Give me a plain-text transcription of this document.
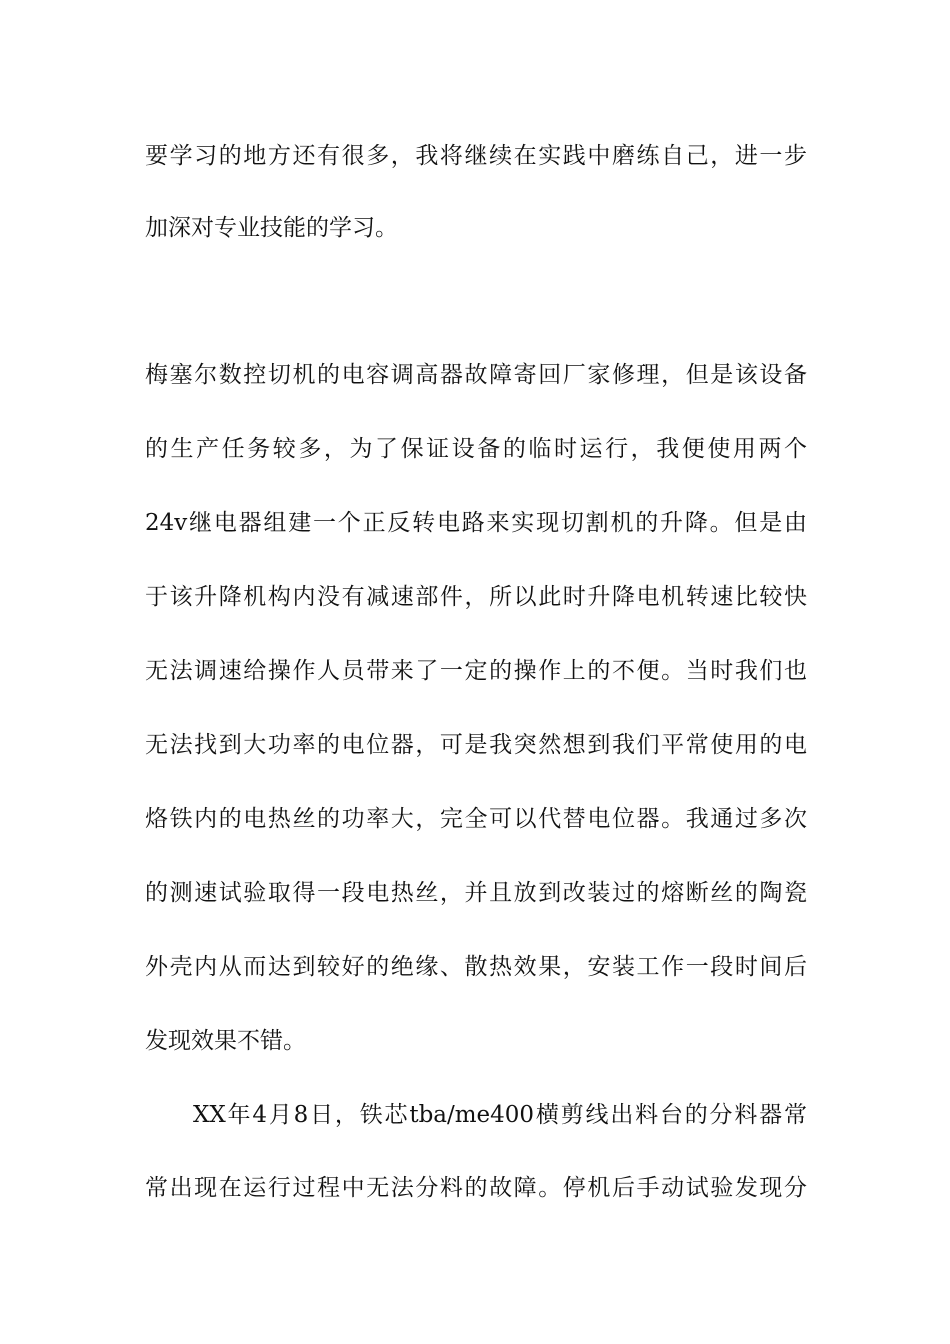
要学习的地方还有很多，我将继续在实践中磨练自己，进一步
加深对专业技能的学习。
梅塞尔数控切机的电容调高器故障寄回厂家修理，但是该设备
的生产任务较多，为了保证设备的临时运行，我便使用两个
24v继电器组建一个正反转电路来实现切割机的升降。但是由
于该升降机构内没有减速部件，所以此时升降电机转速比较快
无法调速给操作人员带来了一定的操作上的不便。当时我们也
无法找到大功率的电位器，可是我突然想到我们平常使用的电
烙铁内的电热丝的功率大，完全可以代替电位器。我通过多次
的测速试验取得一段电热丝，并且放到改装过的熔断丝的陶瓷
外壳内从而达到较好的绝缘、散热效果，安装工作一段时间后
发现效果不错。
XX年4月8日，铁芯tba/me400横剪线出料台的分料器常
常出现在运行过程中无法分料的故障。停机后手动试验发现分
